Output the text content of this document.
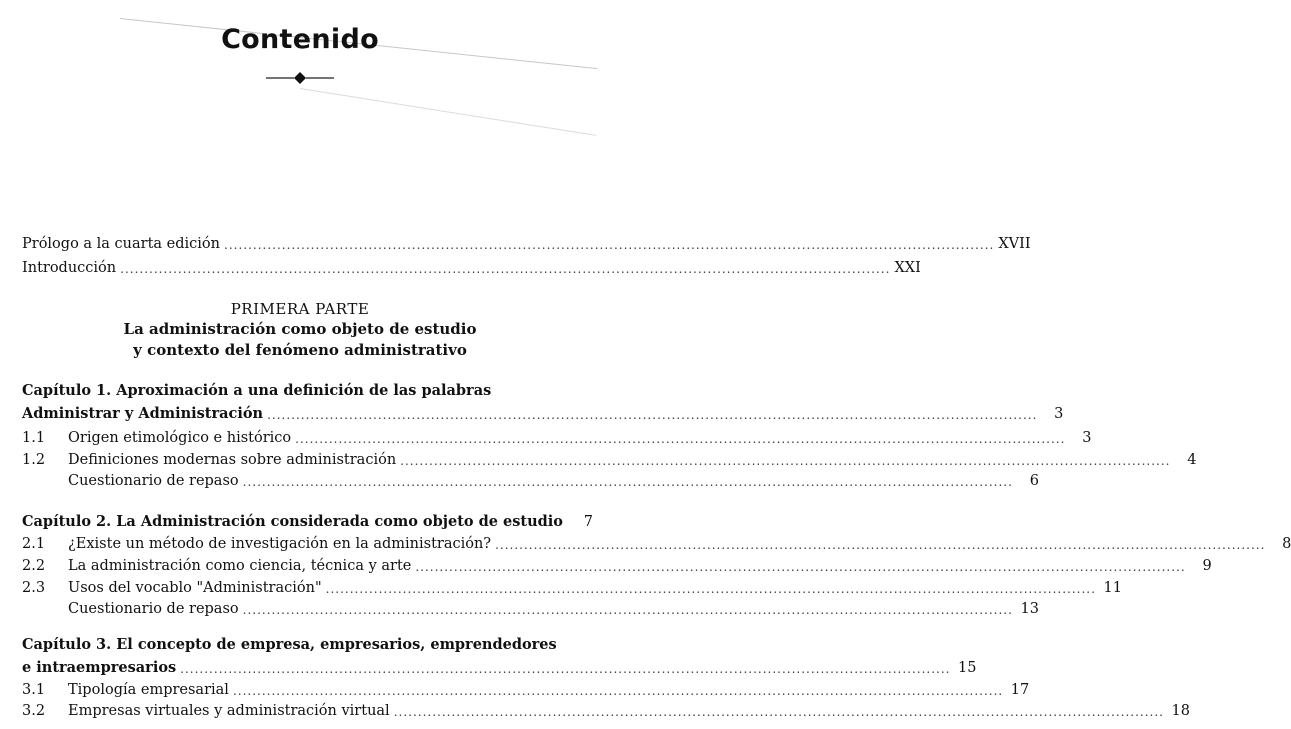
Contenido
Prólogo a la cuarta edición ................................................................................................................................................................ XVII
Introducción ................................................................................................................................................................ XXI
PRIMERA PARTE
La administración como objeto de estudio
y contexto del fenómeno administrativo
Capítulo 1. Aproximación a una definición de las palabras
Administrar y Administración ................................................................................................................................................................	3
1.1	Origen etimológico e histórico ................................................................................................................................................................	3
1.2	Definiciones modernas sobre administración ................................................................................................................................................................	4
Cuestionario de repaso ................................................................................................................................................................	6
Capítulo 2. La Administración considerada como objeto de estudio	7
2.1	¿Existe un método de investigación en la administración? ................................................................................................................................................................	8
2.2	La administración como ciencia, técnica y arte ................................................................................................................................................................	9
2.3	Usos del vocablo "Administración" ................................................................................................................................................................ 11
Cuestionario de repaso ................................................................................................................................................................ 13
Capítulo 3. El concepto de empresa, empresarios, emprendedores
e intraempresarios ................................................................................................................................................................ 15
3.1	Tipología empresarial ................................................................................................................................................................ 17
3.2	Empresas virtuales y administración virtual ................................................................................................................................................................ 18
